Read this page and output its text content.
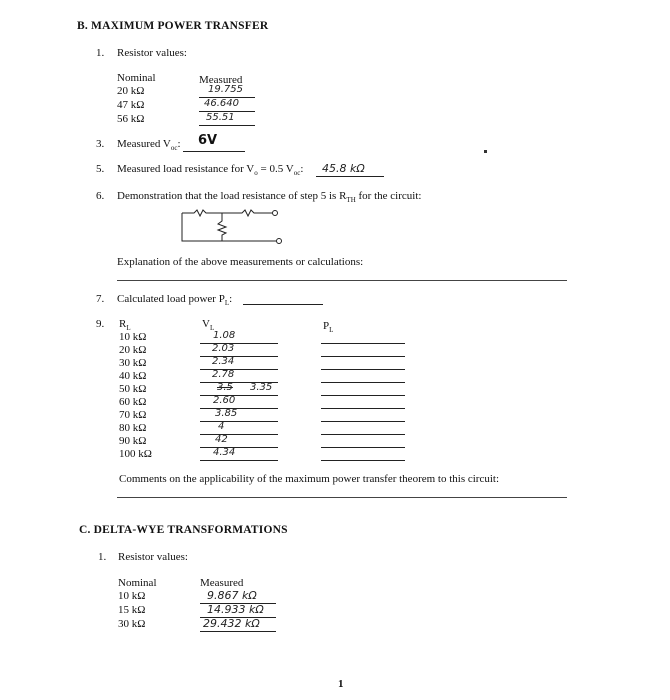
B. MAXIMUM POWER TRANSFER
1. Resistor values:
Nominal	Measured
20 kΩ	19.755
47 kΩ	46.640
56 kΩ	55.51
3. Measured $V_{oc}$: 6V
5. Measured load resistance for $V_o = 0.5$ $V_{oc}$: 45.8 kΩ
6. Demonstration that the load resistance of step 5 is $R_{TH}$ for the circuit:
Explanation of the above measurements or calculations:
7. Calculated load power $P_L$:
9. $R_L$	$V_L$	$P_L$
10 kΩ	1.08
20 kΩ	2.03
30 kΩ	2.34
40 kΩ	2.78
50 kΩ	3.5 3.35
60 kΩ	2.60
70 kΩ	3.85
80 kΩ	4
90 kΩ	42
100 kΩ	4.34
Comments on the applicability of the maximum power transfer theorem to this circuit:
C. DELTA-WYE TRANSFORMATIONS
1. Resistor values:
Nominal	Measured
10 kΩ	9.867 kΩ
15 kΩ	14.933 kΩ
30 kΩ	29.432 kΩ
1
